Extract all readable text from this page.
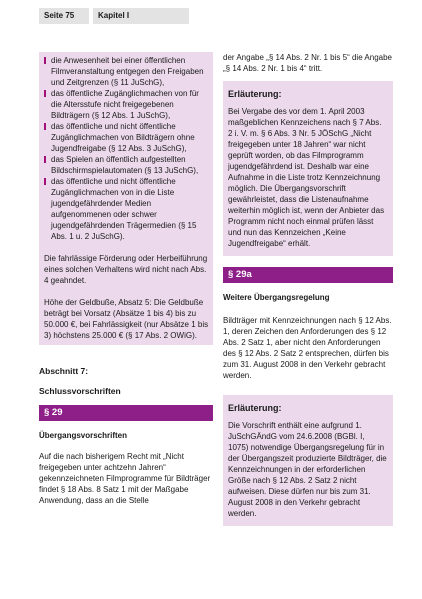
Seite 75	Kapitel I
die Anwesenheit bei einer öffentlichen Filmveranstaltung entgegen den Freigaben und Zeitgrenzen (§ 11 JuSchG),
das öffentliche Zugänglichmachen von für die Altersstufe nicht freigegebenen Bildträgern (§ 12 Abs. 1 JuSchG),
das öffentliche und nicht öffentliche Zugänglichmachen von Bildträgern ohne Jugendfreigabe (§ 12 Abs. 3 JuSchG),
das Spielen an öffentlich aufgestellten Bildschirmspielautomaten (§ 13 JuSchG),
das öffentliche und nicht öffentliche Zugänglichmachen von in die Liste jugendgefährdender Medien aufgenommenen oder schwer jugendgefährdenden Trägermedien (§ 15 Abs. 1 u. 2 JuSchG).

Die fahrlässige Förderung oder Herbeiführung eines solchen Verhaltens wird nicht nach Abs. 4 geahndet.

Höhe der Geldbuße, Absatz 5: Die Geldbuße beträgt bei Vorsatz (Absätze 1 bis 4) bis zu 50.000 €, bei Fahrlässigkeit (nur Absätze 1 bis 3) höchstens 25.000 € (§ 17 Abs. 2 OWiG).

Abschnitt 7:
Schlussvorschriften
§ 29
Übergangsvorschriften

Auf die nach bisherigem Recht mit „Nicht freigegeben unter achtzehn Jahren“ gekennzeichneten Filmprogramme für Bildträger findet § 18 Abs. 8 Satz 1 mit der Maßgabe Anwendung, dass an die Stelle

der Angabe „§ 14 Abs. 2 Nr. 1 bis 5“ die Angabe „§ 14 Abs. 2 Nr. 1 bis 4“ tritt.

Erläuterung:
Bei Vergabe des vor dem 1. April 2003 maßgeblichen Kennzeichens nach § 7 Abs. 2 i. V. m. § 6 Abs. 3 Nr. 5 JÖSchG „Nicht freigegeben unter 18 Jahren“ war nicht geprüft worden, ob das Filmprogramm jugendgefährdend ist. Deshalb war eine Aufnahme in die Liste trotz Kennzeichnung möglich. Die Übergangsvorschrift gewährleistet, dass die Listenaufnahme weiterhin möglich ist, wenn der Anbieter das Programm nicht noch einmal prüfen lässt und nun das Kennzeichen „Keine Jugendfreigabe“ erhält.
§ 29a
Weitere Übergangsregelung

Bildträger mit Kennzeichnungen nach § 12 Abs. 1, deren Zeichen den Anforderungen des § 12 Abs. 2 Satz 1, aber nicht den Anforderungen des § 12 Abs. 2 Satz 2 entsprechen, dürfen bis zum 31. August 2008 in den Verkehr gebracht werden.

Erläuterung:
Die Vorschrift enthält eine aufgrund 1. JuSchGÄndG vom 24.6.2008 (BGBl. I, 1075) notwendige Übergangsregelung für in der Übergangszeit produzierte Bildträger, die Kennzeichnungen in der erforderlichen Größe nach § 12 Abs. 2 Satz 2 nicht aufweisen. Diese dürfen nur bis zum 31. August 2008 in den Verkehr gebracht werden.
